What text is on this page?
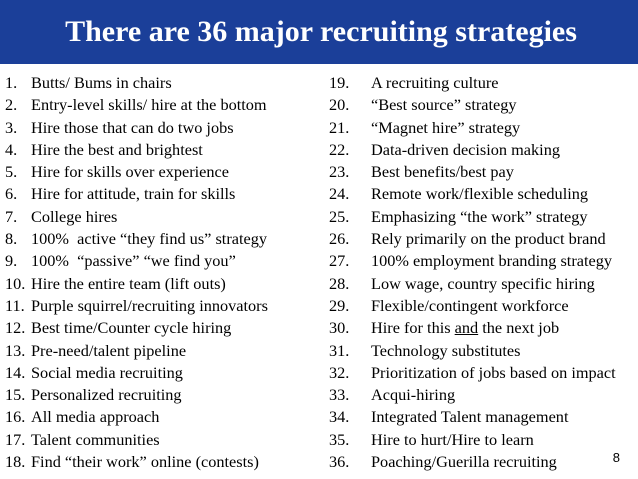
There are 36 major recruiting strategies
1. Butts/ Bums in chairs
2. Entry-level skills/ hire at the bottom
3. Hire those that can do two jobs
4. Hire the best and brightest
5. Hire for skills over experience
6. Hire for attitude, train for skills
7. College hires
8. 100%  active “they find us” strategy
9. 100%  “passive” “we find you”
10. Hire the entire team (lift outs)
11. Purple squirrel/recruiting innovators
12. Best time/Counter cycle hiring
13. Pre-need/talent pipeline
14. Social media recruiting
15. Personalized recruiting
16. All media approach
17. Talent communities
18. Find “their work” online (contests)
19.	A recruiting culture
20.	“Best source” strategy
21.	“Magnet hire” strategy
22.	Data-driven decision making
23.	Best benefits/best pay
24.	Remote work/flexible scheduling
25.	Emphasizing “the work” strategy
26.	Rely primarily on the product brand
27.	100% employment branding strategy
28.	Low wage, country specific hiring
29.	Flexible/contingent workforce
30.	Hire for this and the next job
31.	Technology substitutes
32.	Prioritization of jobs based on impact
33.	Acqui-hiring
34.	Integrated Talent management
35.	Hire to hurt/Hire to learn
36.	Poaching/Guerilla recruiting	8
